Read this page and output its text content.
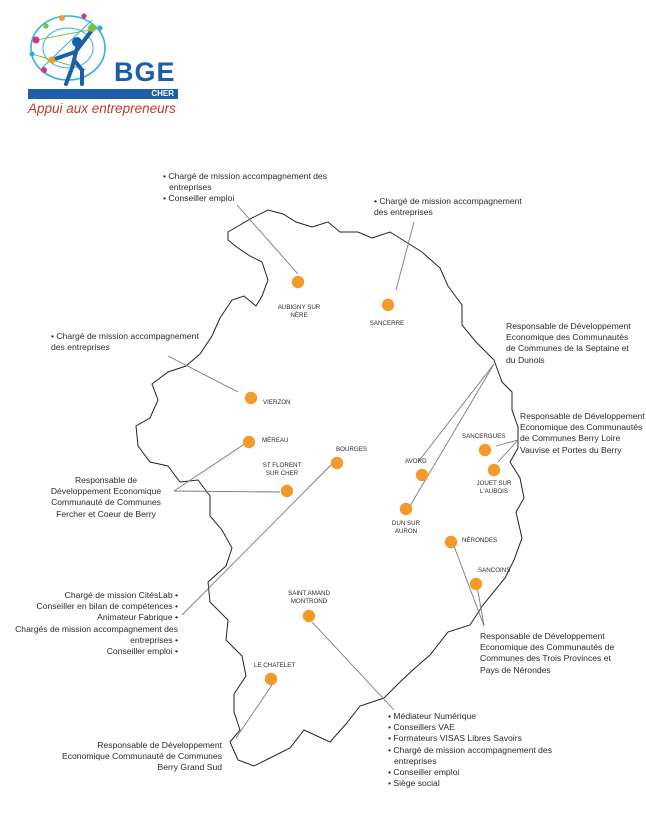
BGE
CHER
Appui aux entrepreneurs
AUBIGNY SUR
NÈRE
SANCERRE
VIERZON
MÉREAU
ST FLORENT
SUR CHER
BOURGES
AVORD
SANCERGUES
JOUET SUR
L'AUBOIS
DUN SUR
AURON
NÉRONDES
SANCOINS
SAINT AMAND
MONTROND
LE CHATELET
• Chargé de mission accompagnement des
entreprises
• Conseiller emploi	• Chargé de mission accompagnement
des entreprises
• Chargé de mission accompagnement
des entreprises
Responsable de Développement
Economique des Communautés
de Communes de la Septaine et
du Dunois
Responsable de Développement
Economique des Communautés
de Communes Berry Loire
Vauvise et Portes du Berry
Responsable de
Développement Economique
Communauté de Communes
Fercher et Coeur de Berry
Chargé de mission CitésLab •
Conseiller en bilan de compétences •
Animateur Fabrique •
Chargés de mission accompagnement des
entreprises •
Conseiller emploi •
Responsable de Développement
Economique des Communautés de
Communes des Trois Provinces et
Pays de Nérondes
Responsable de Développement
Economique Communauté de Communes
Berry Grand Sud
• Médiateur Numérique
• Conseillers VAE
• Formateurs VISAS Libres Savoirs
• Chargé de mission accompagnement des
entreprises
• Conseiller emploi
• Siège social
